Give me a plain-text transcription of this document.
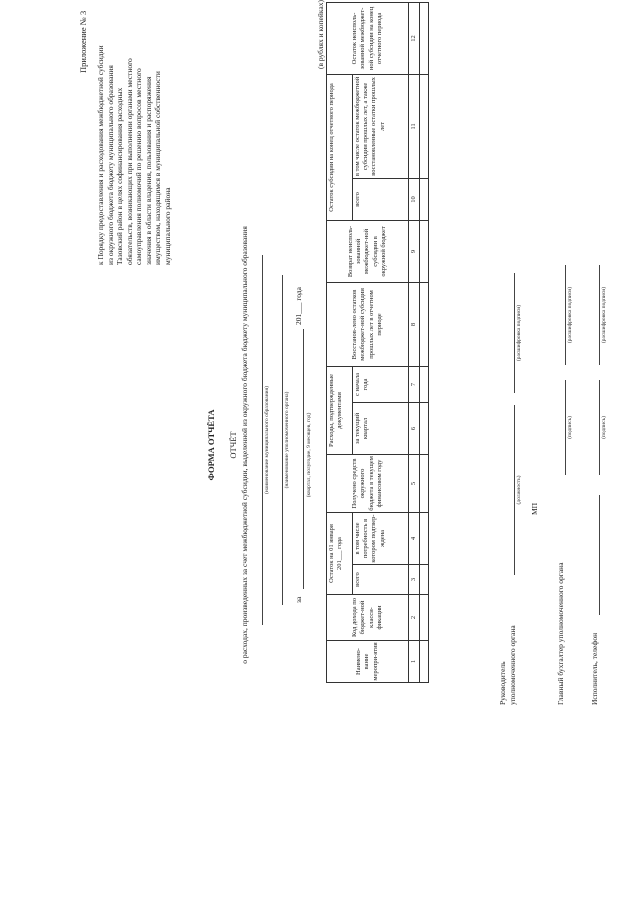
Приложение № 3
к Порядку предоставления и расходования межбюджетной субсидии из окружного бюджета бюджету муниципального образования Тазовский район в целях софинансирования расходных обязательств, возникающих при выполнении органами местного самоуправления полномочий по решению вопросов местного значения в области владения, пользования и распоряжения имуществом, находящимся в муниципальной собственности муниципального района
ФОРМА ОТЧЁТА ОТЧЁТ о расходах, произведенных за счет межбюджетной субсидии, выделенной из окружного бюджета бюджету муниципального образования	(наименование муниципального образования)	(наименование уполномоченного органа)
за
201___ года
(квартал, полугодие, 9 месяцев, год)
(в рублях и копейках)
Наимено-вание меропри-ятия	Код дохода по бюджет-ной класси-фикации	Остаток на 01 января 201___ года		Получено средств окружного бюджета в текущем финансовом году	Расходы, подтвержденные документами		Восстанов-лено остатков межбюджет-ной субсидии прошлых лет в отчетном периоде	Возврат неисполь-зованной межбюджет-ной субсидии в окружной бюджет	Остаток субсидии на конец отчетного периода		Остаток неисполь-зованной межбюджет-ной субсидии на конец отчетного периода
		всего	в том числе потребность в котором подтвер-ждена		за текущий квартал	с начала года			всего	в том числе остаток межбюджетной субсидии прошлых лет, а также восстановленные остатки прошлых лет	
1	2	3	4	5	6	7	8	9	10	11	12

Руководитель уполномоченного органа
(должность)
(расшифровка подписи)
МП
Главный бухгалтер уполномоченного органа
(подпись)
(расшифровка подписи)
Исполнитель, телефон
(подпись)
(расшифровка подписи)
